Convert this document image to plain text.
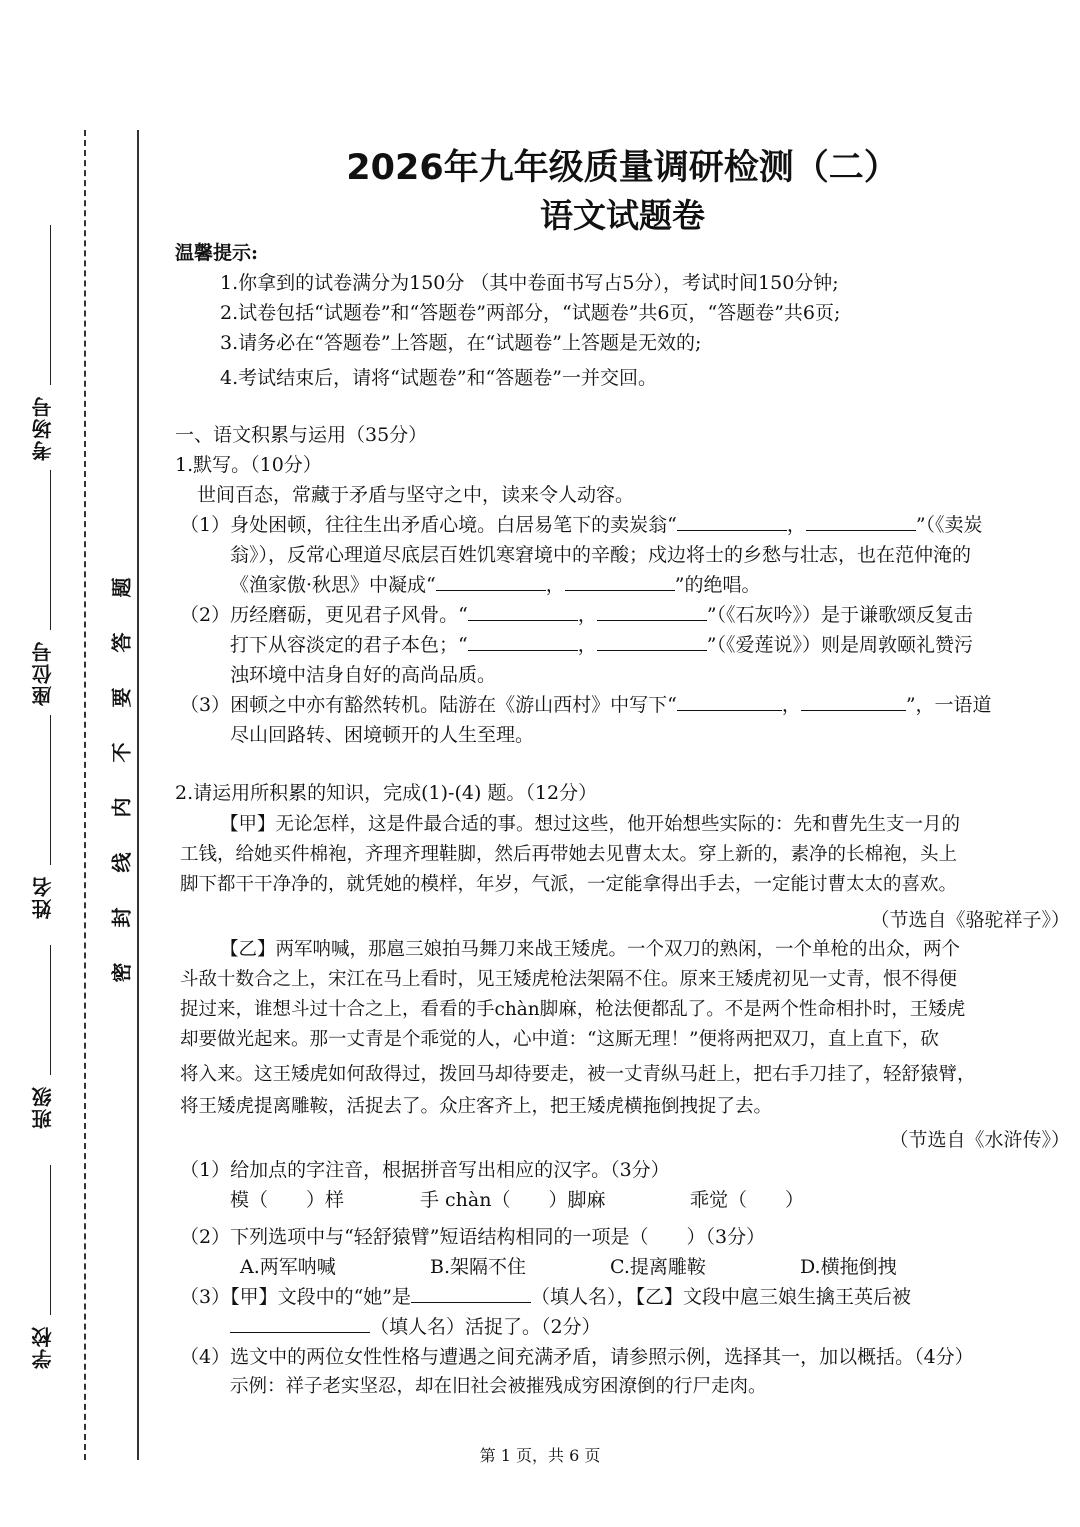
考场号
座位号
姓名
班级
学校
题
答
要
不
内
线
封
密
2026年九年级质量调研检测（二）
语文试题卷
温馨提示:
1.你拿到的试卷满分为150分 （其中卷面书写占5分），考试时间150分钟;
2.试卷包括“试题卷”和“答题卷”两部分，“试题卷”共6页，“答题卷”共6页;
3.请务必在“答题卷”上答题，在“试题卷”上答题是无效的;
4.考试结束后，请将“试题卷”和“答题卷”一并交回。
一、语文积累与运用（35分）
1.默写。（10分）
世间百态，常藏于矛盾与坚守之中，读来令人动容。
（1）身处困顿，往往生出矛盾心境。白居易笔下的卖炭翁“	，	”（《卖炭
翁》），反常心理道尽底层百姓饥寒窘境中的辛酸；戍边将士的乡愁与壮志，也在范仲淹的
《渔家傲·秋思》中凝成“	，	”的绝唱。
（2）历经磨砺，更见君子风骨。“	，	”（《石灰吟》）是于谦歌颂反复击
打下从容淡定的君子本色；“	，	”（《爱莲说》）则是周敦颐礼赞污
浊环境中洁身自好的高尚品质。
（3）困顿之中亦有豁然转机。陆游在《游山西村》中写下“	，	”，一语道
尽山回路转、困境顿开的人生至理。
2.请运用所积累的知识，完成(1)-(4) 题。（12分）
【甲】无论怎样，这是件最合适的事。想过这些，他开始想些实际的：先和曹先生支一月的
工钱，给她买件棉袍，齐理齐理鞋脚，然后再带她去见曹太太。穿上新的，素净的长棉袍，头上
脚下都干干净净的，就凭她的模样，年岁，气派，一定能拿得出手去，一定能讨曹太太的喜欢。
（节选自《骆驼祥子》）
【乙】两军呐喊，那扈三娘拍马舞刀来战王矮虎。一个双刀的熟闲，一个单枪的出众，两个
斗敌十数合之上，宋江在马上看时，见王矮虎枪法架隔不住。原来王矮虎初见一丈青，恨不得便
捉过来，谁想斗过十合之上，看看的手chàn脚麻，枪法便都乱了。不是两个性命相扑时，王矮虎
却要做光起来。那一丈青是个乖觉的人，心中道：“这厮无理！”便将两把双刀，直上直下，砍
将入来。这王矮虎如何敌得过，拨回马却待要走，被一丈青纵马赶上，把右手刀挂了，轻舒猿臂，
将王矮虎提离雕鞍，活捉去了。众庄客齐上，把王矮虎横拖倒拽捉了去。
（节选自《水浒传》）
（1）给加点的字注音，根据拼音写出相应的汉字。（3分）
模（　　）样	手 chàn（　　）脚麻	乖觉（　　）
（2）下列选项中与“轻舒猿臂”短语结构相同的一项是（　　）（3分）
A.两军呐喊	B.架隔不住	C.提离雕鞍	D.横拖倒拽
（3）【甲】文段中的“她”是	（填人名），【乙】文段中扈三娘生擒王英后被
（填人名）活捉了。（2分）
（4）选文中的两位女性性格与遭遇之间充满矛盾，请参照示例，选择其一，加以概括。（4分）
示例：祥子老实坚忍，却在旧社会被摧残成穷困潦倒的行尸走肉。
第 1 页，共 6 页
